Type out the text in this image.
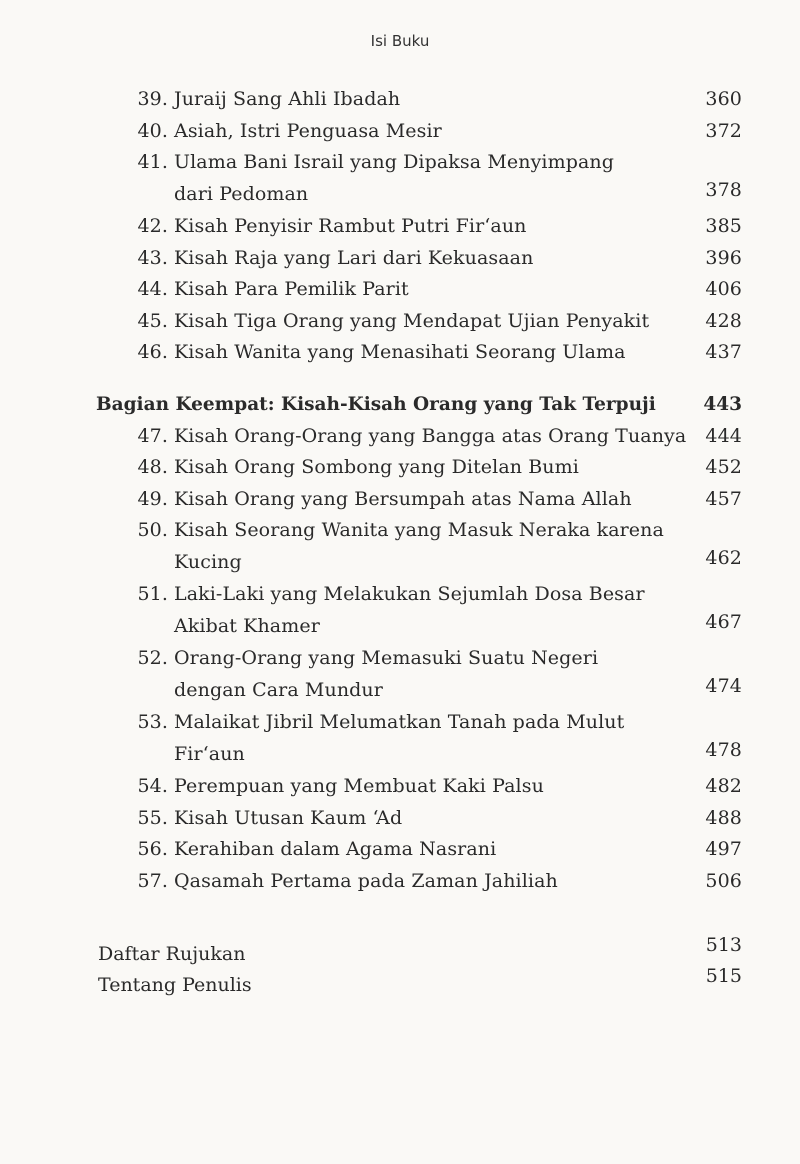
Isi Buku
39. Juraij Sang Ahli Ibadah	360
40. Asiah, Istri Penguasa Mesir	372
41. Ulama Bani Israil yang Dipaksa Menyimpang
dari Pedoman	378
42. Kisah Penyisir Rambut Putri Fir‘aun	385
43. Kisah Raja yang Lari dari Kekuasaan	396
44. Kisah Para Pemilik Parit	406
45. Kisah Tiga Orang yang Mendapat Ujian Penyakit	428
46. Kisah Wanita yang Menasihati Seorang Ulama	437
Bagian Keempat: Kisah-Kisah Orang yang Tak Terpuji	443
47. Kisah Orang-Orang yang Bangga atas Orang Tuanya 444
48. Kisah Orang Sombong yang Ditelan Bumi	452
49. Kisah Orang yang Bersumpah atas Nama Allah	457
50. Kisah Seorang Wanita yang Masuk Neraka karena
Kucing	462
51. Laki-Laki yang Melakukan Sejumlah Dosa Besar
Akibat Khamer	467
52. Orang-Orang yang Memasuki Suatu Negeri
dengan Cara Mundur	474
53. Malaikat Jibril Melumatkan Tanah pada Mulut
Fir‘aun	478
54. Perempuan yang Membuat Kaki Palsu	482
55. Kisah Utusan Kaum ‘Ad	488
56. Kerahiban dalam Agama Nasrani	497
57. Qasamah Pertama pada Zaman Jahiliah	506
Daftar Rujukan	513
Tentang Penulis	515
